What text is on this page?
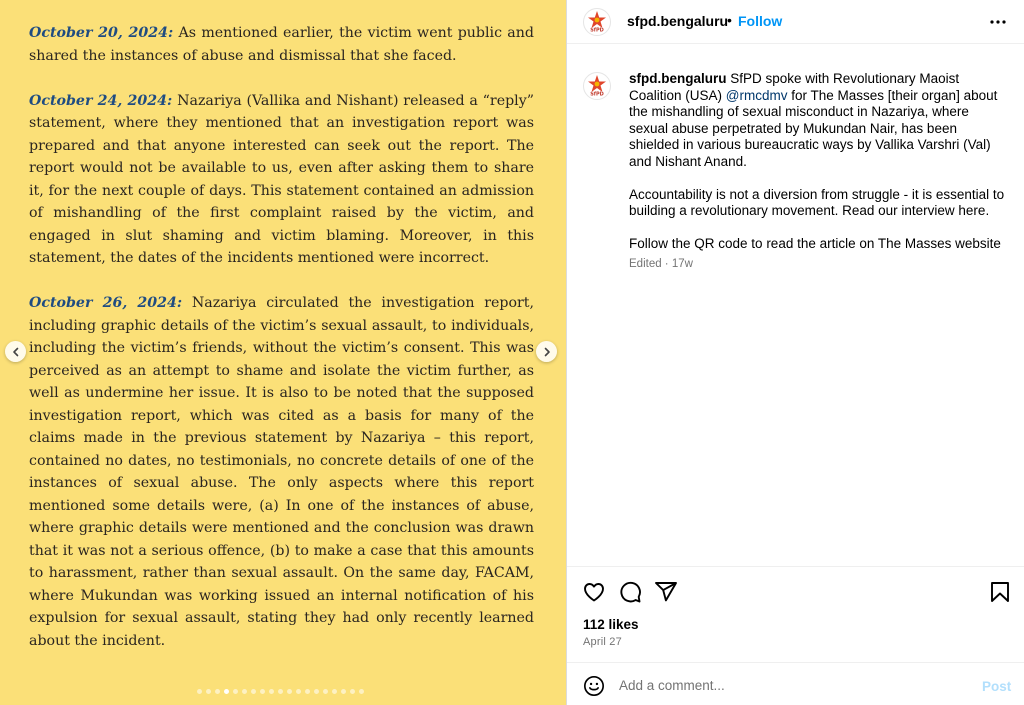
October 20, 2024: As mentioned earlier, the victim went public and shared the instances of abuse and dismissal that she faced.

October 24, 2024: Nazariya (Vallika and Nishant) released a “reply” statement, where they mentioned that an investigation report was prepared and that anyone interested can seek out the report. The report would not be available to us, even after asking them to share it, for the next couple of days. This statement contained an admission of mishandling of the first complaint raised by the victim, and engaged in slut shaming and victim blaming. Moreover, in this statement, the dates of the incidents mentioned were incorrect.

October 26, 2024: Nazariya circulated the investigation report, including graphic details of the victim’s sexual assault, to individuals, including the victim’s friends, without the victim’s consent. This was perceived as an attempt to shame and isolate the victim further, as well as undermine her issue. It is also to be noted that the supposed investigation report, which was cited as a basis for many of the claims made in the previous statement by Nazariya – this report, contained no dates, no testimonials, no concrete details of one of the instances of sexual abuse. The only aspects where this report mentioned some details were, (a) In one of the instances of abuse, where graphic details were mentioned and the conclusion was drawn that it was not a serious offence, (b) to make a case that this amounts to harassment, rather than sexual assault. On the same day, FACAM, where Mukundan was working issued an internal notification of his expulsion for sexual assault, stating they had only recently learned about the incident.

SfPD
sfpd.bengaluru
• Follow
SfPD

sfpd.bengaluru SfPD spoke with Revolutionary Maoist Coalition (USA) @rmcdmv for The Masses [their organ] about the mishandling of sexual misconduct in Nazariya, where sexual abuse perpetrated by Mukundan Nair, has been shielded in various bureaucratic ways by Vallika Varshri (Val) and Nishant Anand.

Accountability is not a diversion from struggle - it is essential to building a revolutionary movement. Read our interview here.

Follow the QR code to read the article on The Masses website

Edited · 17w
112 likes
April 27
Add a comment...
Post
